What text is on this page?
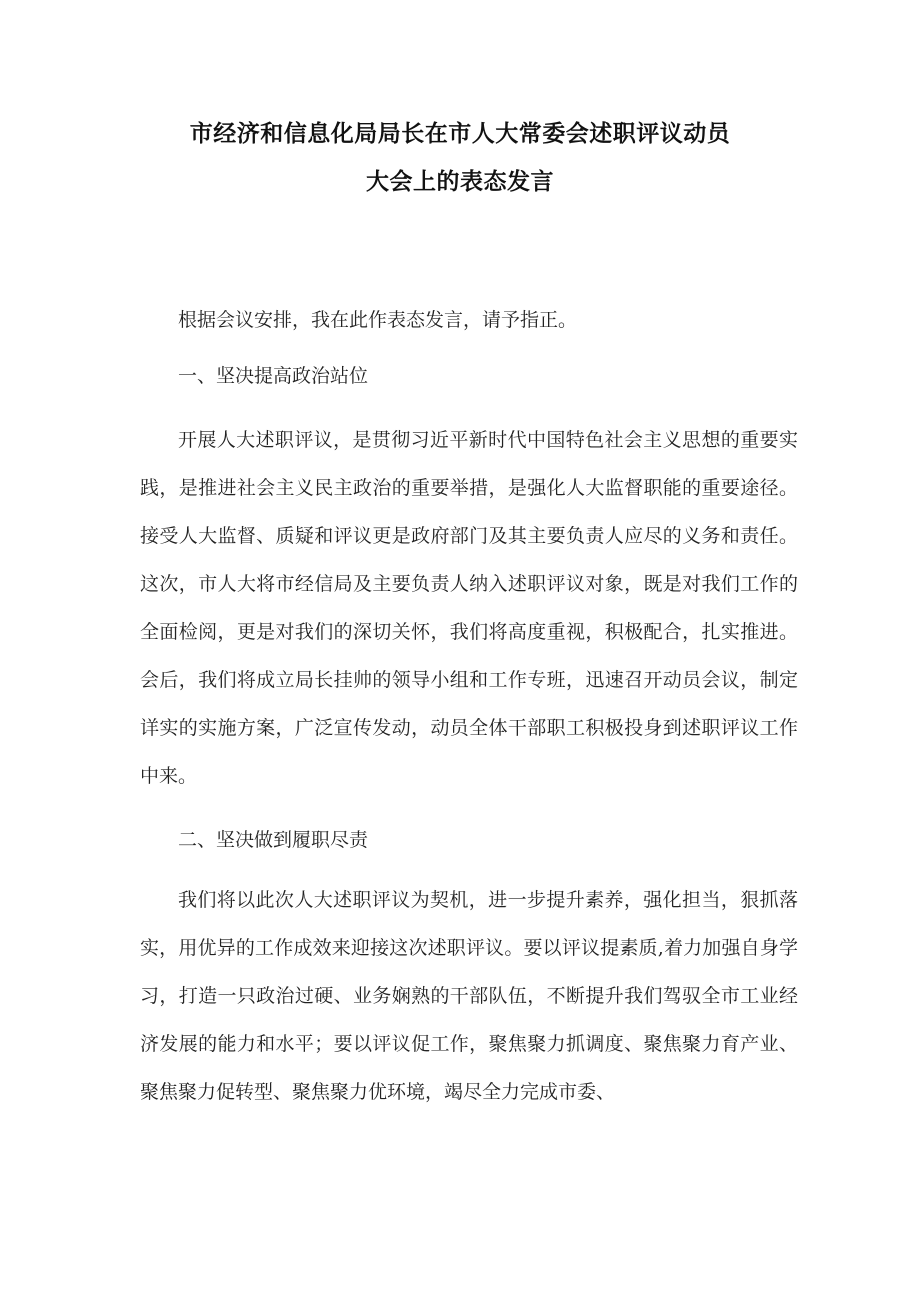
市经济和信息化局局长在市人大常委会述职评议动员
大会上的表态发言

根据会议安排，我在此作表态发言，请予指正。

一、坚决提高政治站位

开展人大述职评议，是贯彻习近平新时代中国特色社会主义思想的重要实践，是推进社会主义民主政治的重要举措，是强化人大监督职能的重要途径。接受人大监督、质疑和评议更是政府部门及其主要负责人应尽的义务和责任。这次，市人大将市经信局及主要负责人纳入述职评议对象，既是对我们工作的全面检阅，更是对我们的深切关怀，我们将高度重视，积极配合，扎实推进。会后，我们将成立局长挂帅的领导小组和工作专班，迅速召开动员会议，制定详实的实施方案，广泛宣传发动，动员全体干部职工积极投身到述职评议工作中来。

二、坚决做到履职尽责

我们将以此次人大述职评议为契机，进一步提升素养，强化担当，狠抓落实，用优异的工作成效来迎接这次述职评议。要以评议提素质,着力加强自身学习，打造一只政治过硬、业务娴熟的干部队伍，不断提升我们驾驭全市工业经济发展的能力和水平；要以评议促工作，聚焦聚力抓调度、聚焦聚力育产业、聚焦聚力促转型、聚焦聚力优环境，竭尽全力完成市委、
